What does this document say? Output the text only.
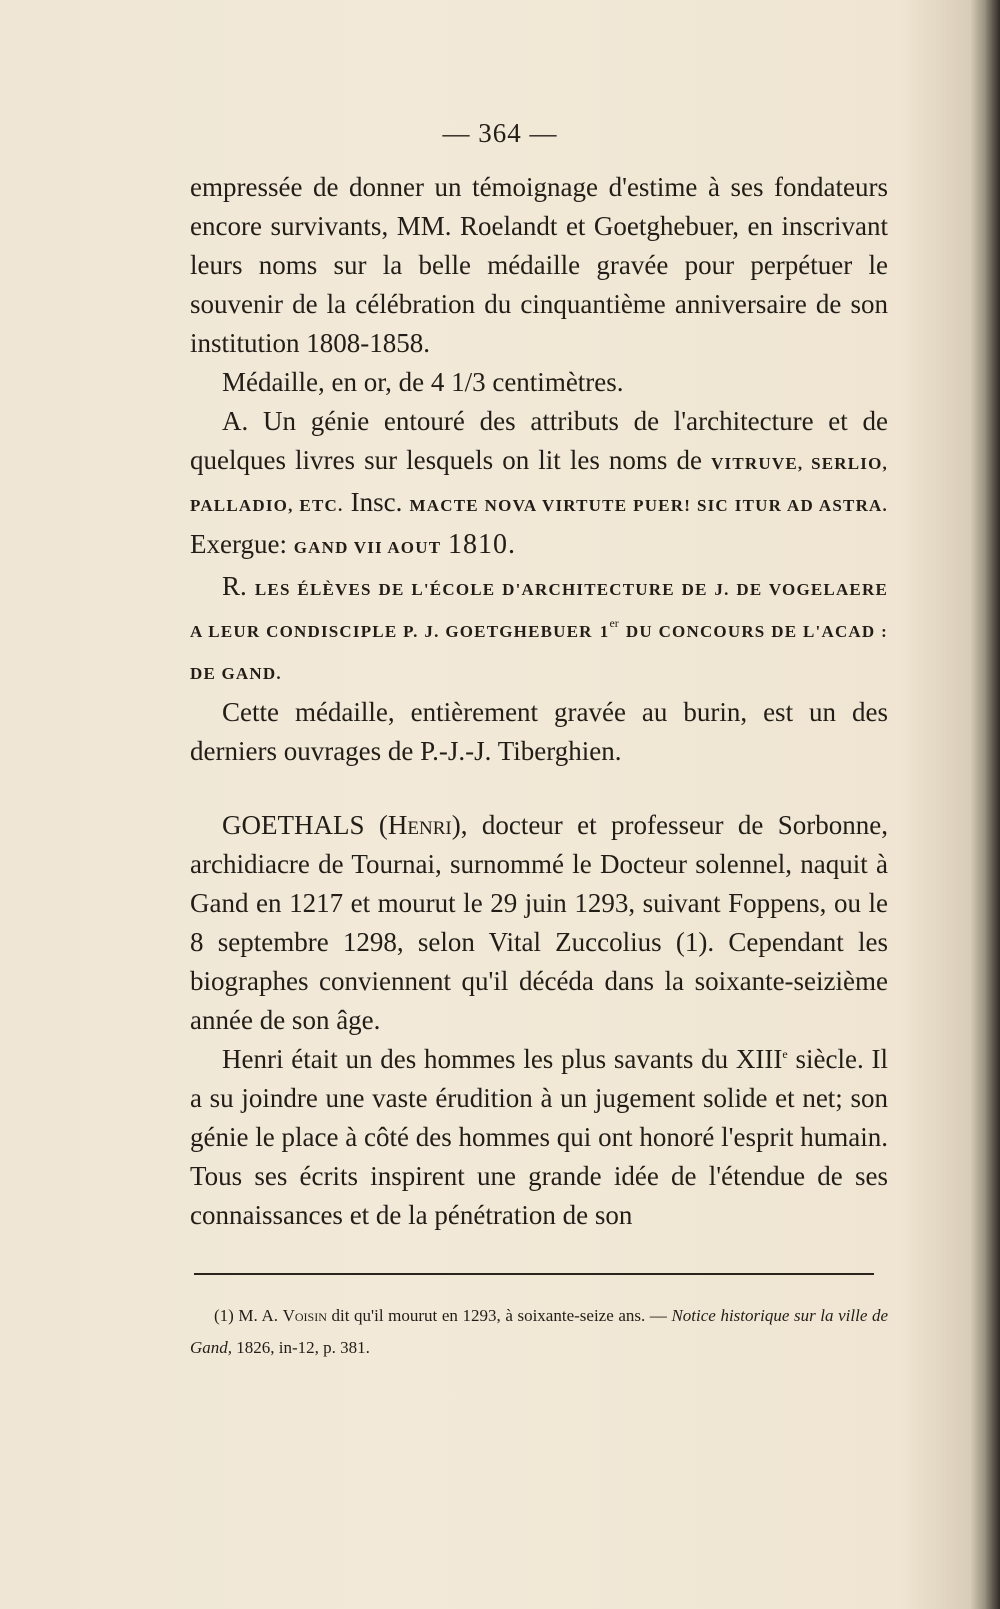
— 364 —

empressée de donner un témoignage d'estime à ses fondateurs encore survivants, MM. Roelandt et Goetghebuer, en inscrivant leurs noms sur la belle médaille gravée pour perpétuer le souvenir de la célébration du cinquantième anniversaire de son institution 1808-1858.

Médaille, en or, de 4 1/3 centimètres.

A. Un génie entouré des attributs de l'architecture et de quelques livres sur lesquels on lit les noms de VITRUVE, SERLIO, PALLADIO, ETC. Insc. MACTE NOVA VIRTUTE PUER! SIC ITUR AD ASTRA. Exergue: GAND VII AOUT 1810.

R. LES ÉLÈVES DE L'ÉCOLE D'ARCHITECTURE DE J. DE VOGELAERE A LEUR CONDISCIPLE P. J. GOETGHEBUER 1er DU CONCOURS DE L'ACAD : DE GAND.

Cette médaille, entièrement gravée au burin, est un des derniers ouvrages de P.-J.-J. Tiberghien.

GOETHALS (Henri), docteur et professeur de Sorbonne, archidiacre de Tournai, surnommé le Docteur solennel, naquit à Gand en 1217 et mourut le 29 juin 1293, suivant Foppens, ou le 8 septembre 1298, selon Vital Zuccolius (1). Cependant les biographes conviennent qu'il décéda dans la soixante-seizième année de son âge.

Henri était un des hommes les plus savants du XIIIe siècle. Il a su joindre une vaste érudition à un jugement solide et net; son génie le place à côté des hommes qui ont honoré l'esprit humain. Tous ses écrits inspirent une grande idée de l'étendue de ses connaissances et de la pénétration de son

(1) M. A. Voisin dit qu'il mourut en 1293, à soixante-seize ans. — Notice historique sur la ville de Gand, 1826, in-12, p. 381.
